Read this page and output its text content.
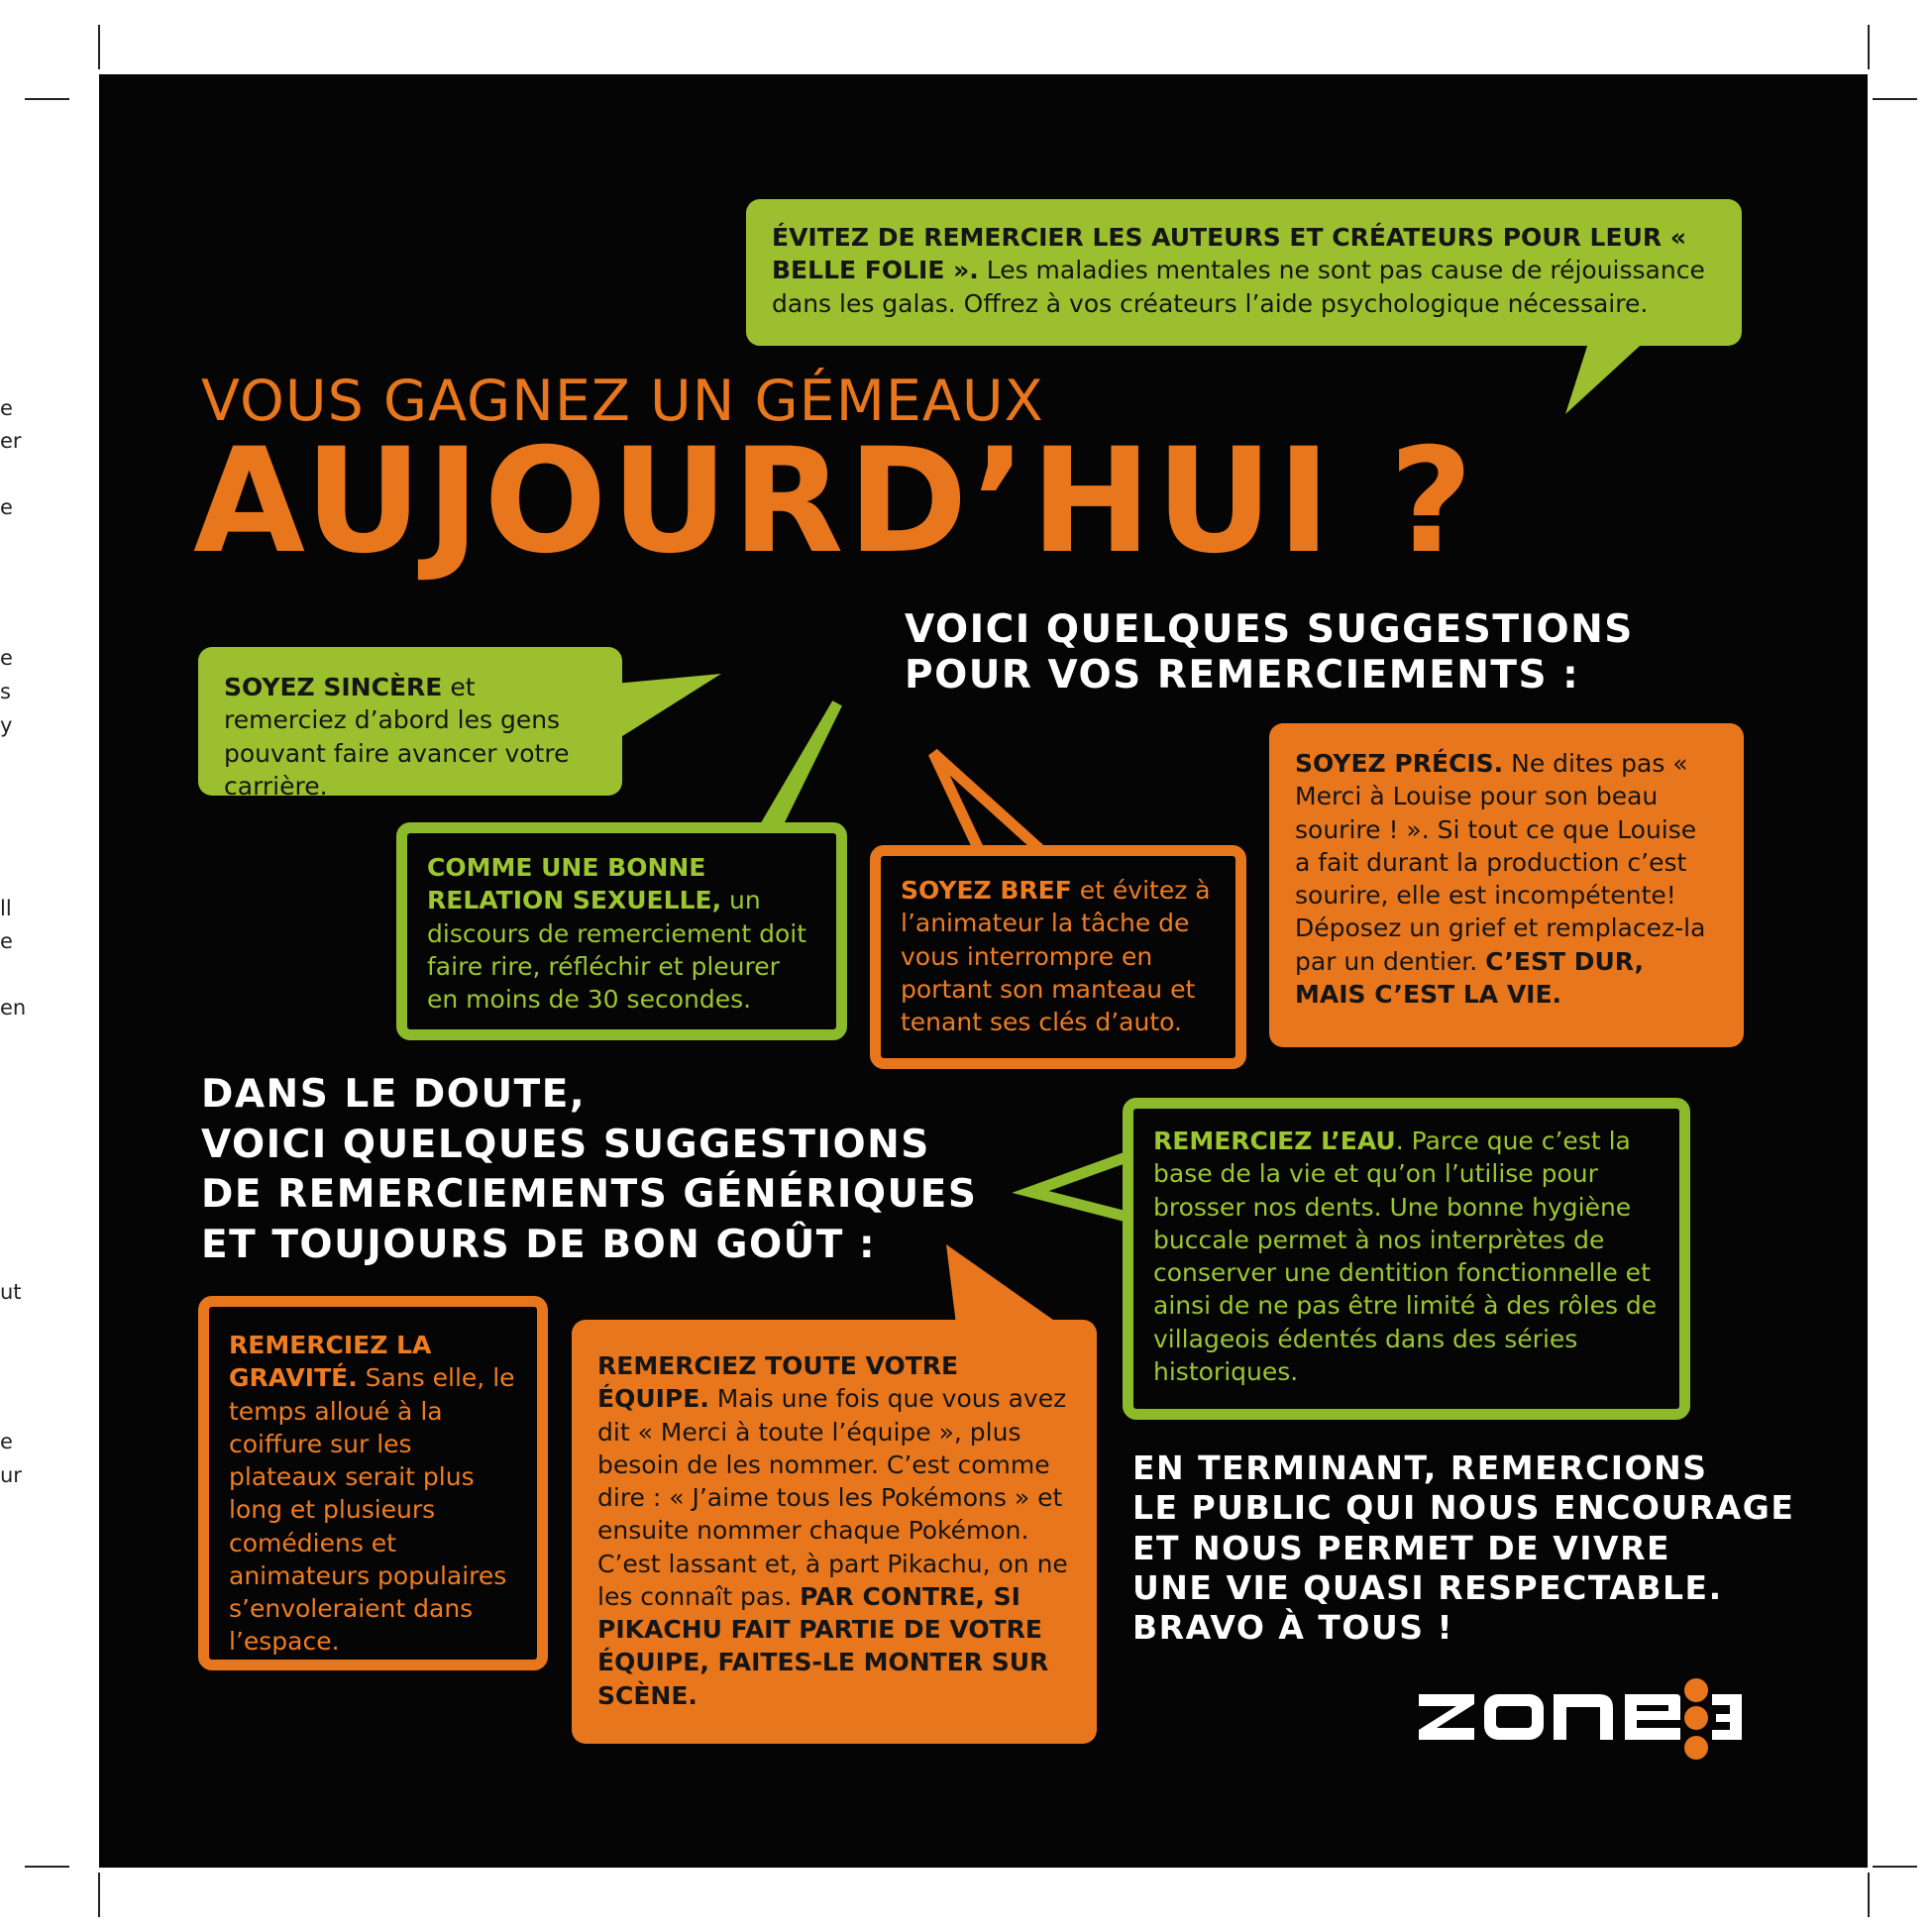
e
er
e
e
s
y
ll
e
en
ut
e
ur
ÉVITEZ DE REMERCIER LES AUTEURS ET CRÉATEURS POUR LEUR « BELLE FOLIE ». Les maladies mentales ne sont pas cause de réjouissance dans les galas. Offrez à vos créateurs l’aide psychologique nécessaire.
VOUS GAGNEZ UN GÉMEAUX
AUJOURD’HUI ?
VOICI QUELQUES SUGGESTIONS
POUR VOS REMERCIEMENTS :
SOYEZ SINCÈRE et remerciez d’abord les gens pouvant faire avancer votre carrière.
COMME UNE BONNE RELATION SEXUELLE, un discours de remerciement doit faire rire, réfléchir et pleurer en moins de 30 secondes.
SOYEZ BREF et évitez à l’animateur la tâche de vous interrompre en portant son manteau et tenant ses clés d’auto.
SOYEZ PRÉCIS. Ne dites pas « Merci à Louise pour son beau sourire ! ». Si tout ce que Louise a fait durant la production c’est sourire, elle est incompétente! Déposez un grief et remplacez-la par un dentier. C’EST DUR, MAIS C’EST LA VIE.
DANS LE DOUTE,
VOICI QUELQUES SUGGESTIONS
DE REMERCIEMENTS GÉNÉRIQUES
ET TOUJOURS DE BON GOÛT :
REMERCIEZ L’EAU. Parce que c’est la base de la vie et qu’on l’utilise pour brosser nos dents. Une bonne hygiène buccale permet à nos interprètes de conserver une dentition fonctionnelle et ainsi de ne pas être limité à des rôles de villageois édentés dans des séries historiques.
REMERCIEZ LA GRAVITÉ. Sans elle, le temps alloué à la coiffure sur les plateaux serait plus long et plusieurs comédiens et animateurs populaires s’envoleraient dans l’espace.
REMERCIEZ TOUTE VOTRE ÉQUIPE. Mais une fois que vous avez dit « Merci à toute l’équipe », plus besoin de les nommer. C’est comme dire : « J’aime tous les Pokémons » et ensuite nommer chaque Pokémon. C’est lassant et, à part Pikachu, on ne les connaît pas. PAR CONTRE, SI PIKACHU FAIT PARTIE DE VOTRE ÉQUIPE, FAITES-LE MONTER SUR SCÈNE.
EN TERMINANT, REMERCIONS
LE PUBLIC QUI NOUS ENCOURAGE
ET NOUS PERMET DE VIVRE
UNE VIE QUASI RESPECTABLE.
BRAVO À TOUS !
